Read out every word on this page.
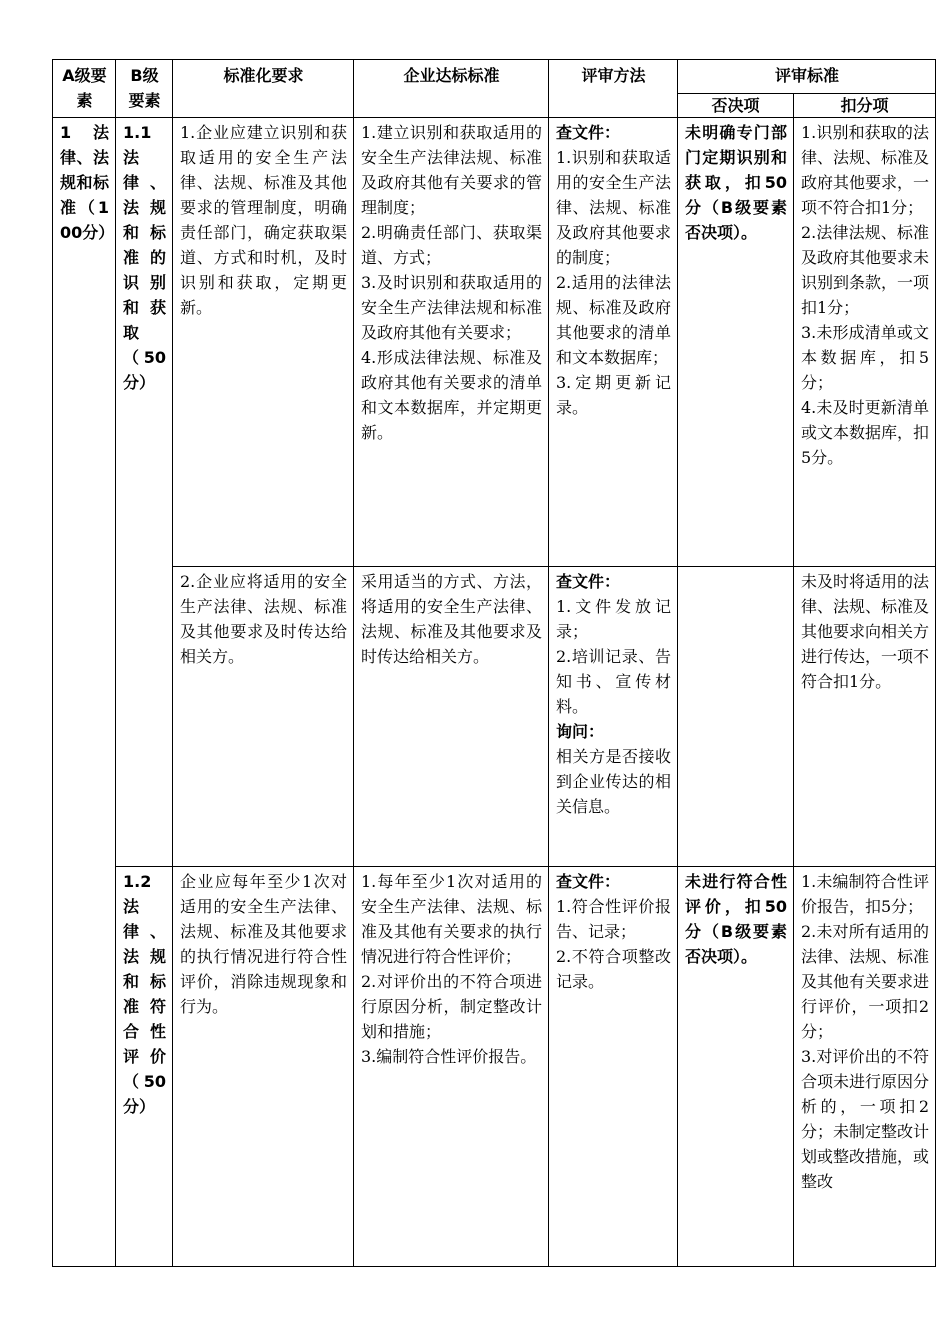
A级要素	B级要素	标准化要求	企业达标标准	评审方法	评审标准	
					否决项	扣分项
1 法律、法规和标准（100分）	1.1 法律、法规和标准的识别和获取（50分）	1.企业应建立识别和获取适用的安全生产法律、法规、标准及其他要求的管理制度，明确责任部门，确定获取渠道、方式和时机，及时识别和获取，定期更新。	1.建立识别和获取适用的安全生产法律法规、标准及政府其他有关要求的管理制度；
2.明确责任部门、获取渠道、方式；
3.及时识别和获取适用的安全生产法律法规和标准及政府其他有关要求；
4.形成法律法规、标准及政府其他有关要求的清单和文本数据库，并定期更新。	查文件：
1.识别和获取适用的安全生产法律、法规、标准及政府其他要求的制度；
2.适用的法律法规、标准及政府其他要求的清单和文本数据库；
3.定期更新记录。	未明确专门部门定期识别和获取，扣50分（B级要素否决项）。	1.识别和获取的法律、法规、标准及政府其他要求，一项不符合扣1分；
2.法律法规、标准及政府其他要求未识别到条款，一项扣1分；
3.未形成清单或文本数据库，扣5分；
4.未及时更新清单或文本数据库，扣5分。

		2.企业应将适用的安全生产法律、法规、标准及其他要求及时传达给相关方。	采用适当的方式、方法，将适用的安全生产法律、法规、标准及其他要求及时传达给相关方。	查文件：
1.文件发放记录；
2.培训记录、告知书、宣传材料。
询问：
相关方是否接收到企业传达的相关信息。		未及时将适用的法律、法规、标准及其他要求向相关方进行传达，一项不符合扣1分。

	1.2 法律、法规和标准符合性评价（50分）	企业应每年至少1次对适用的安全生产法律、法规、标准及其他要求的执行情况进行符合性评价，消除违规现象和行为。	1.每年至少1次对适用的安全生产法律、法规、标准及其他有关要求的执行情况进行符合性评价；
2.对评价出的不符合项进行原因分析，制定整改计划和措施；
3.编制符合性评价报告。	查文件：
1.符合性评价报告、记录；
2.不符合项整改记录。	未进行符合性评价，扣50分（B级要素否决项）。	1.未编制符合性评价报告，扣5分；
2.未对所有适用的法律、法规、标准及其他有关要求进行评价，一项扣2分；
3.对评价出的不符合项未进行原因分析的，一项扣2分；未制定整改计划或整改措施，或整改
